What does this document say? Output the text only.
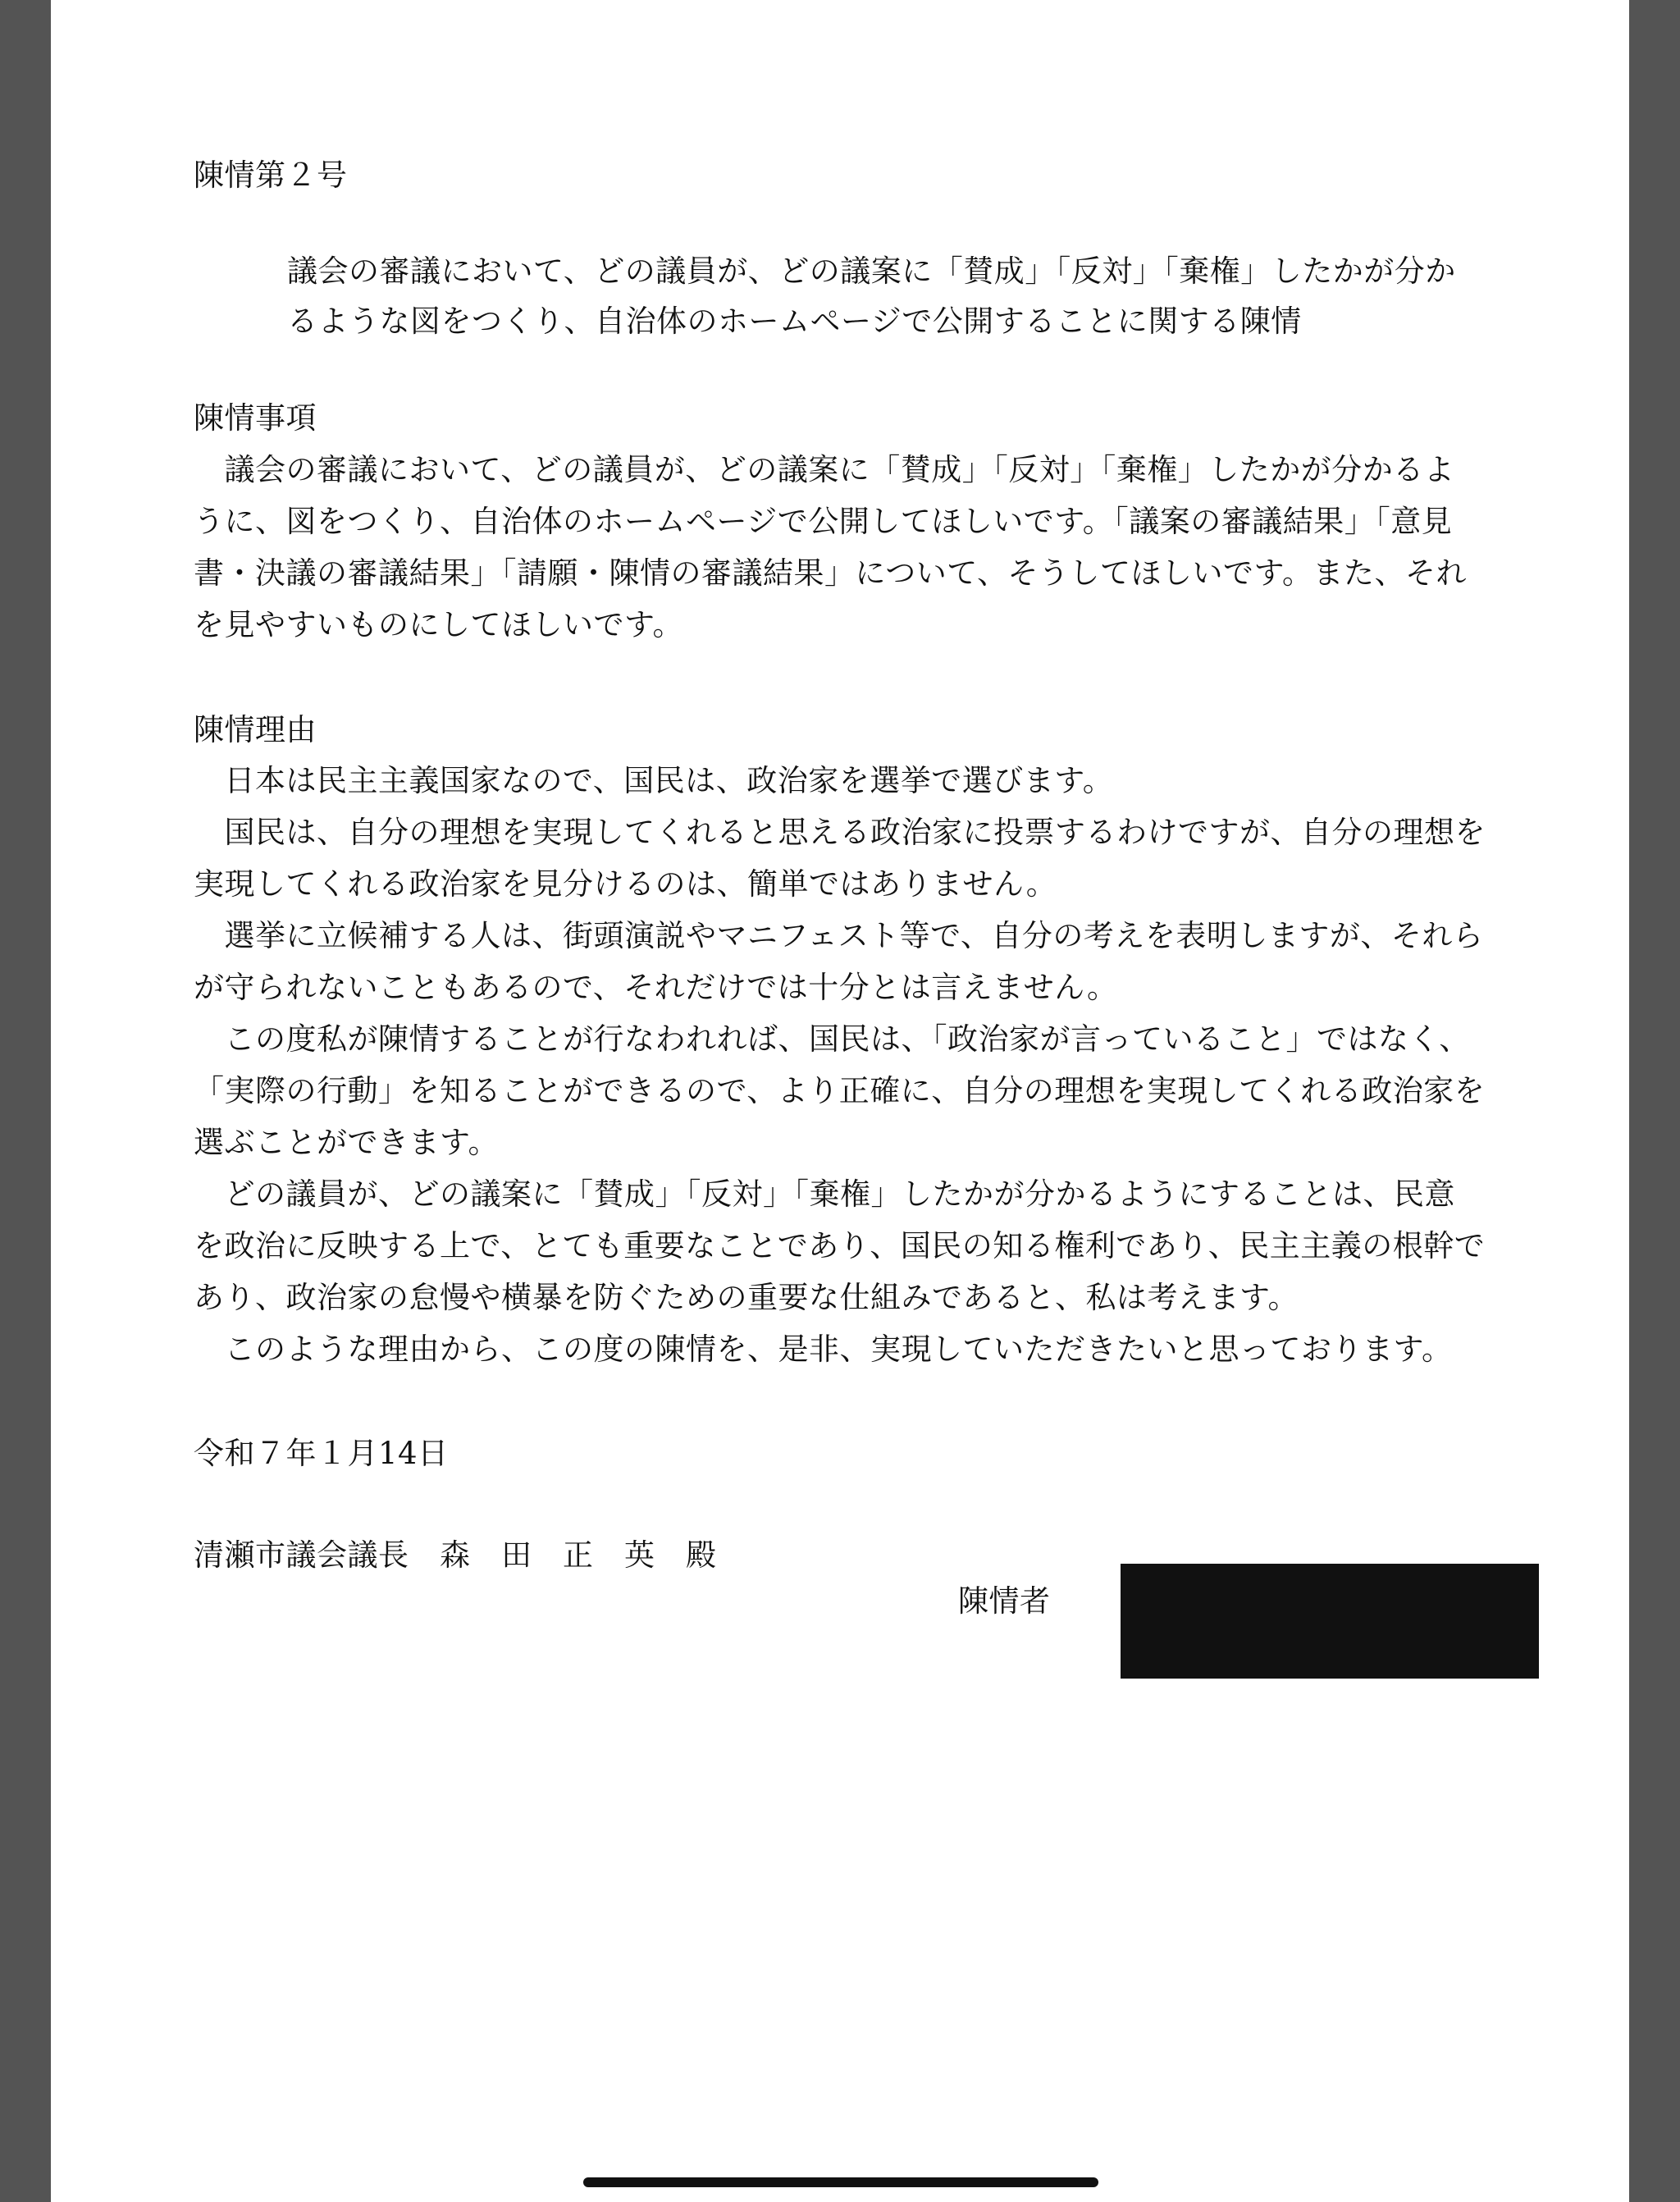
陳情第２号
議会の審議において、どの議員が、どの議案に「賛成」「反対」「棄権」したかが分か
るような図をつくり、自治体のホームページで公開することに関する陳情
陳情事項
　議会の審議において、どの議員が、どの議案に「賛成」「反対」「棄権」したかが分かるよ
うに、図をつくり、自治体のホームページで公開してほしいです。「議案の審議結果」「意見
書・決議の審議結果」「請願・陳情の審議結果」について、そうしてほしいです。また、それ
を見やすいものにしてほしいです。
陳情理由
　日本は民主主義国家なので、国民は、政治家を選挙で選びます。
　国民は、自分の理想を実現してくれると思える政治家に投票するわけですが、自分の理想を
実現してくれる政治家を見分けるのは、簡単ではありません。
　選挙に立候補する人は、街頭演説やマニフェスト等で、自分の考えを表明しますが、それら
が守られないこともあるので、それだけでは十分とは言えません。
　この度私が陳情することが行なわれれば、国民は、「政治家が言っていること」ではなく、
「実際の行動」を知ることができるので、より正確に、自分の理想を実現してくれる政治家を
選ぶことができます。
　どの議員が、どの議案に「賛成」「反対」「棄権」したかが分かるようにすることは、民意
を政治に反映する上で、とても重要なことであり、国民の知る権利であり、民主主義の根幹で
あり、政治家の怠慢や横暴を防ぐための重要な仕組みであると、私は考えます。
　このような理由から、この度の陳情を、是非、実現していただきたいと思っております。
令和７年１月14日
清瀬市議会議長　森　田　正　英　殿
陳情者
